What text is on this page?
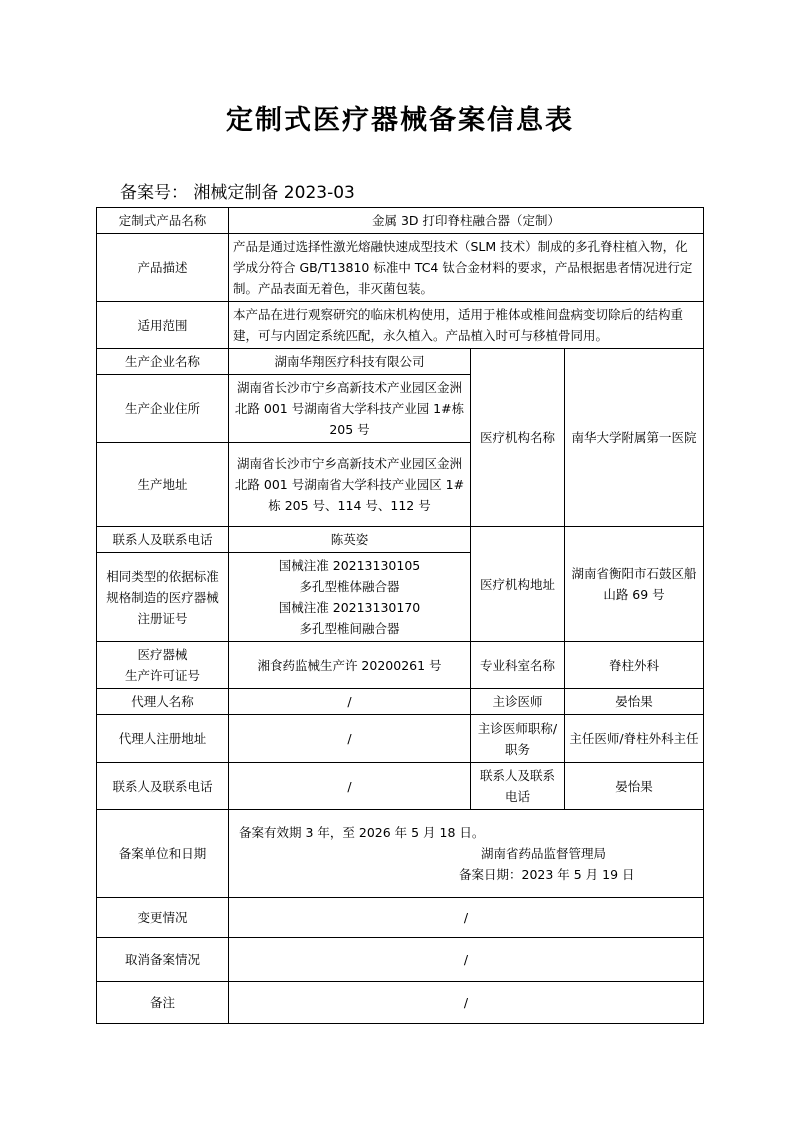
定制式医疗器械备案信息表
备案号： 湘械定制备 2023-03
定制式产品名称	金属 3D 打印脊柱融合器（定制）		
产品描述	产品是通过选择性激光熔融快速成型技术（SLM 技术）制成的多孔脊柱植入物，化学成分符合 GB/T13810 标准中 TC4 钛合金材料的要求，产品根据患者情况进行定制。产品表面无着色，非灭菌包装。		
适用范围	本产品在进行观察研究的临床机构使用，适用于椎体或椎间盘病变切除后的结构重建，可与内固定系统匹配，永久植入。产品植入时可与移植骨同用。		
生产企业名称	湖南华翔医疗科技有限公司	医疗机构名称	南华大学附属第一医院
生产企业住所	湖南省长沙市宁乡高新技术产业园区金洲北路 001 号湖南省大学科技产业园 1#栋 205 号		
生产地址	湖南省长沙市宁乡高新技术产业园区金洲北路 001 号湖南省大学科技产业园区 1#栋 205 号、114 号、112 号		
联系人及联系电话	陈英姿	医疗机构地址	湖南省衡阳市石鼓区船山路 69 号
相同类型的依据标准规格制造的医疗器械注册证号	国械注准 20213130105
多孔型椎体融合器
国械注准 20213130170
多孔型椎间融合器		

医疗器械
生产许可证号	湘食药监械生产许 20200261 号	专业科室名称	脊柱外科
代理人名称	/	主诊医师	晏怡果
代理人注册地址	/	主诊医师职称/职务	主任医师/脊柱外科主任
联系人及联系电话	/	联系人及联系电话	晏怡果
备案单位和日期	备案有效期 3 年，至 2026 年 5 月 18 日。
湖南省药品监督管理局
备案日期：2023 年 5 月 19 日		

变更情况	/		
取消备案情况	/		
备注	/		
